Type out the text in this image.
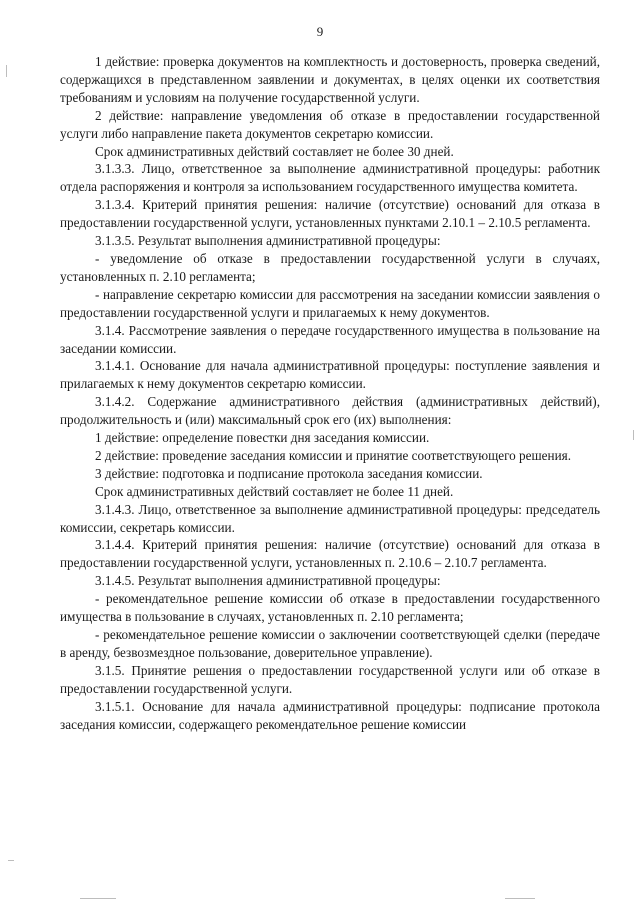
9

1 действие: проверка документов на комплектность и достоверность, проверка сведений, содержащихся в представленном заявлении и документах, в целях оценки их соответствия требованиям и условиям на получение государственной услуги.

2 действие: направление уведомления об отказе в предоставлении государственной услуги либо направление пакета документов секретарю комиссии.

Срок административных действий составляет не более 30 дней.

3.1.3.3. Лицо, ответственное за выполнение административной процедуры: работник отдела распоряжения и контроля за использованием государственного имущества комитета.

3.1.3.4. Критерий принятия решения: наличие (отсутствие) оснований для отказа в предоставлении государственной услуги, установленных пунктами 2.10.1 – 2.10.5 регламента.

3.1.3.5. Результат выполнения административной процедуры:

- уведомление об отказе в предоставлении государственной услуги в случаях, установленных п. 2.10 регламента;

- направление секретарю комиссии для рассмотрения на заседании комиссии заявления о предоставлении государственной услуги и прилагаемых к нему документов.

3.1.4. Рассмотрение заявления о передаче государственного имущества в пользование на заседании комиссии.

3.1.4.1. Основание для начала административной процедуры: поступление заявления и прилагаемых к нему документов секретарю комиссии.

3.1.4.2. Содержание административного действия (административных действий), продолжительность и (или) максимальный срок его (их) выполнения:

1 действие: определение повестки дня заседания комиссии.

2 действие: проведение заседания комиссии и принятие соответствующего решения.

3 действие: подготовка и подписание протокола заседания комиссии.

Срок административных действий составляет не более 11 дней.

3.1.4.3. Лицо, ответственное за выполнение административной процедуры: председатель комиссии, секретарь комиссии.

3.1.4.4. Критерий принятия решения: наличие (отсутствие) оснований для отказа в предоставлении государственной услуги, установленных п. 2.10.6 – 2.10.7 регламента.

3.1.4.5. Результат выполнения административной процедуры:

- рекомендательное решение комиссии об отказе в предоставлении государственного имущества в пользование в случаях, установленных п. 2.10 регламента;

- рекомендательное решение комиссии о заключении соответствующей сделки (передаче в аренду, безвозмездное пользование, доверительное управление).

3.1.5. Принятие решения о предоставлении государственной услуги или об отказе в предоставлении государственной услуги.

3.1.5.1. Основание для начала административной процедуры: подписание протокола заседания комиссии, содержащего рекомендательное решение комиссии
